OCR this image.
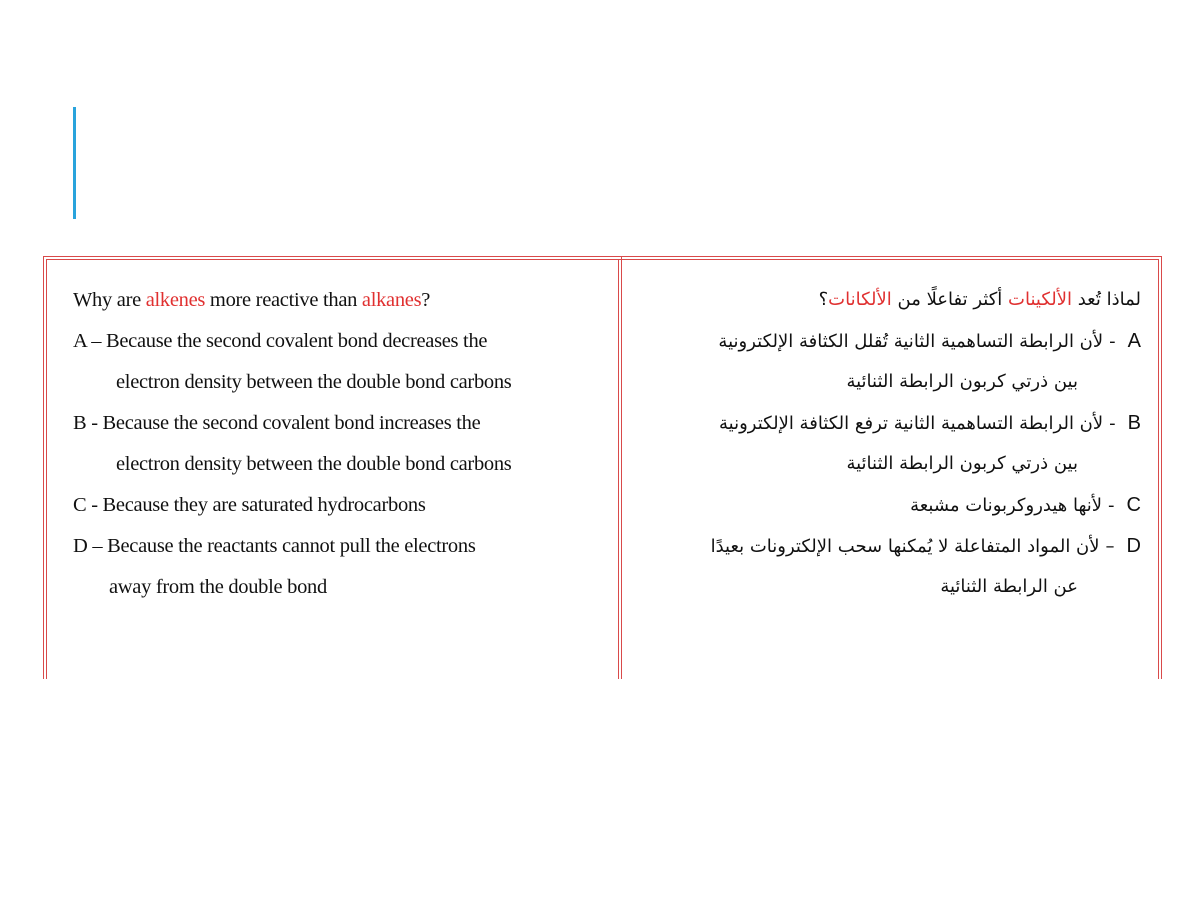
Why are alkenes more reactive than alkanes?
A – Because the second covalent bond decreases the
electron density between the double bond carbons
B - Because the second covalent bond increases the
electron density between the double bond carbons
C - Because they are saturated hydrocarbons
D – Because the reactants cannot pull the electrons
away from the double bond
لماذا تُعد الألكينات أكثر تفاعلًا من الألكانات؟
لأن الرابطة التساهمية الثانية تُقلل الكثافة الإلكترونية - A
بين ذرتي كربون الرابطة الثنائية
لأن الرابطة التساهمية الثانية ترفع الكثافة الإلكترونية - B
بين ذرتي كربون الرابطة الثنائية
لأنها هيدروكربونات مشبعة - C
لأن المواد المتفاعلة لا يُمكنها سحب الإلكترونات بعيدًا – D
عن الرابطة الثنائية
